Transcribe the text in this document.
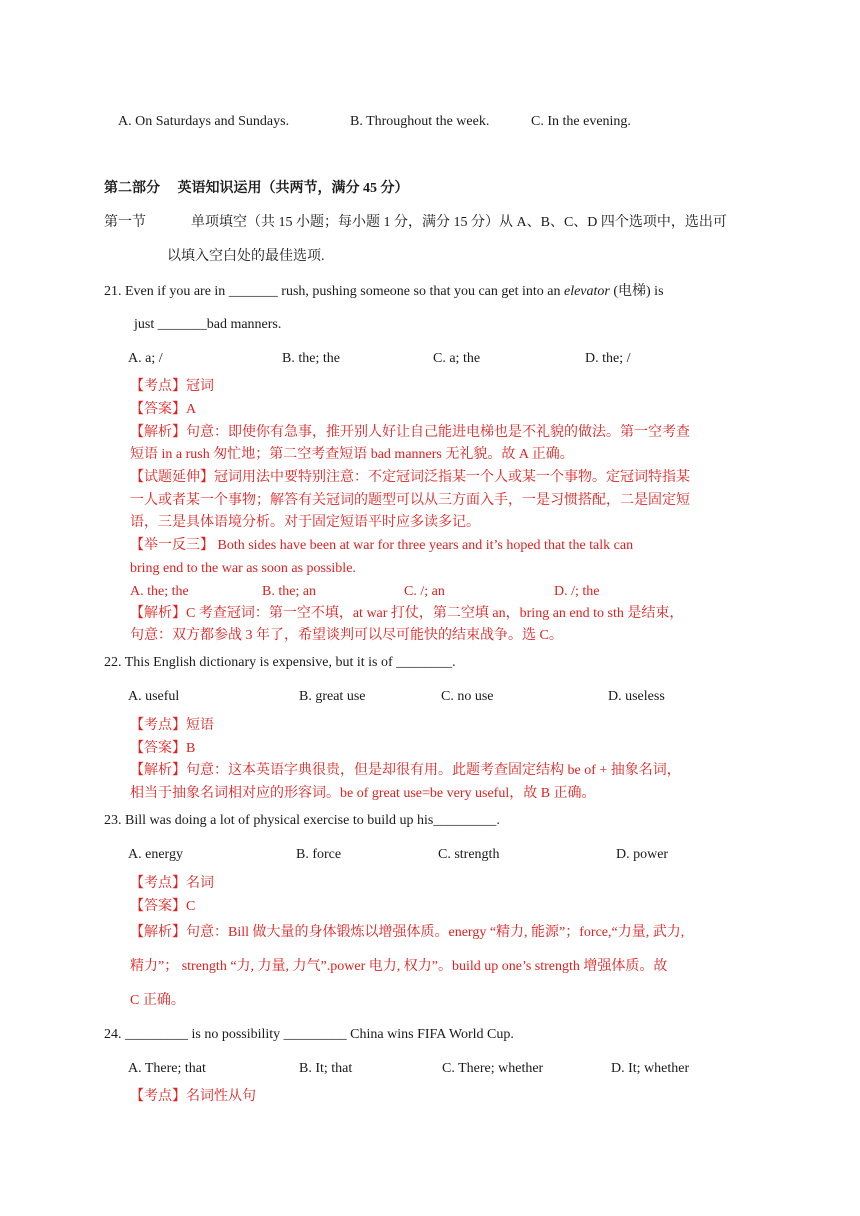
A. On Saturdays and Sundays.	B. Throughout the week.	C. In the evening.
第二部分　 英语知识运用（共两节，满分 45 分）
第一节	单项填空（共 15 小题；每小题 1 分，满分 15 分）从 A、B、C、D 四个选项中，选出可
以填入空白处的最佳选项.
21. Even if you are in _______ rush, pushing someone so that you can get into an elevator (电梯) is
just _______bad manners.
A. a; /	B. the; the	C. a; the	D. the; /
【考点】冠词
【答案】A
【解析】句意：即使你有急事，推开别人好让自己能进电梯也是不礼貌的做法。第一空考查
短语 in a rush 匆忙地；第二空考查短语 bad manners 无礼貌。故 A 正确。
【试题延伸】冠词用法中要特别注意：不定冠词泛指某一个人或某一个事物。定冠词特指某
一人或者某一个事物；解答有关冠词的题型可以从三方面入手，一是习惯搭配，二是固定短
语，三是具体语境分析。对于固定短语平时应多读多记。
【举一反三】 Both sides have been at war for three years and it’s hoped that the talk can
bring end to the war as soon as possible.
A. the; the	B. the; an	C. /; an	D. /; the
【解析】C 考查冠词：第一空不填，at war 打仗，第二空填 an，bring an end to sth 是结束，
句意：双方都参战 3 年了，希望谈判可以尽可能快的结束战争。选 C。
22. This English dictionary is expensive, but it is of ________.
A. useful	B. great use	C. no use	D. useless
【考点】短语
【答案】B
【解析】句意：这本英语字典很贵，但是却很有用。此题考查固定结构 be of + 抽象名词，
相当于抽象名词相对应的形容词。be of great use=be very useful，故 B 正确。
23. Bill was doing a lot of physical exercise to build up his_________.
A. energy	B. force	C. strength	D. power
【考点】名词
【答案】C
【解析】句意：Bill 做大量的身体锻炼以增强体质。energy “精力, 能源”；force,“力量, 武力,
精力”； strength “力, 力量, 力气”.power 电力, 权力”。build up one’s strength 增强体质。故
C 正确。
24. _________ is no possibility _________ China wins FIFA World Cup.
A. There; that	B. It; that	C. There; whether	D. It; whether
【考点】名词性从句
